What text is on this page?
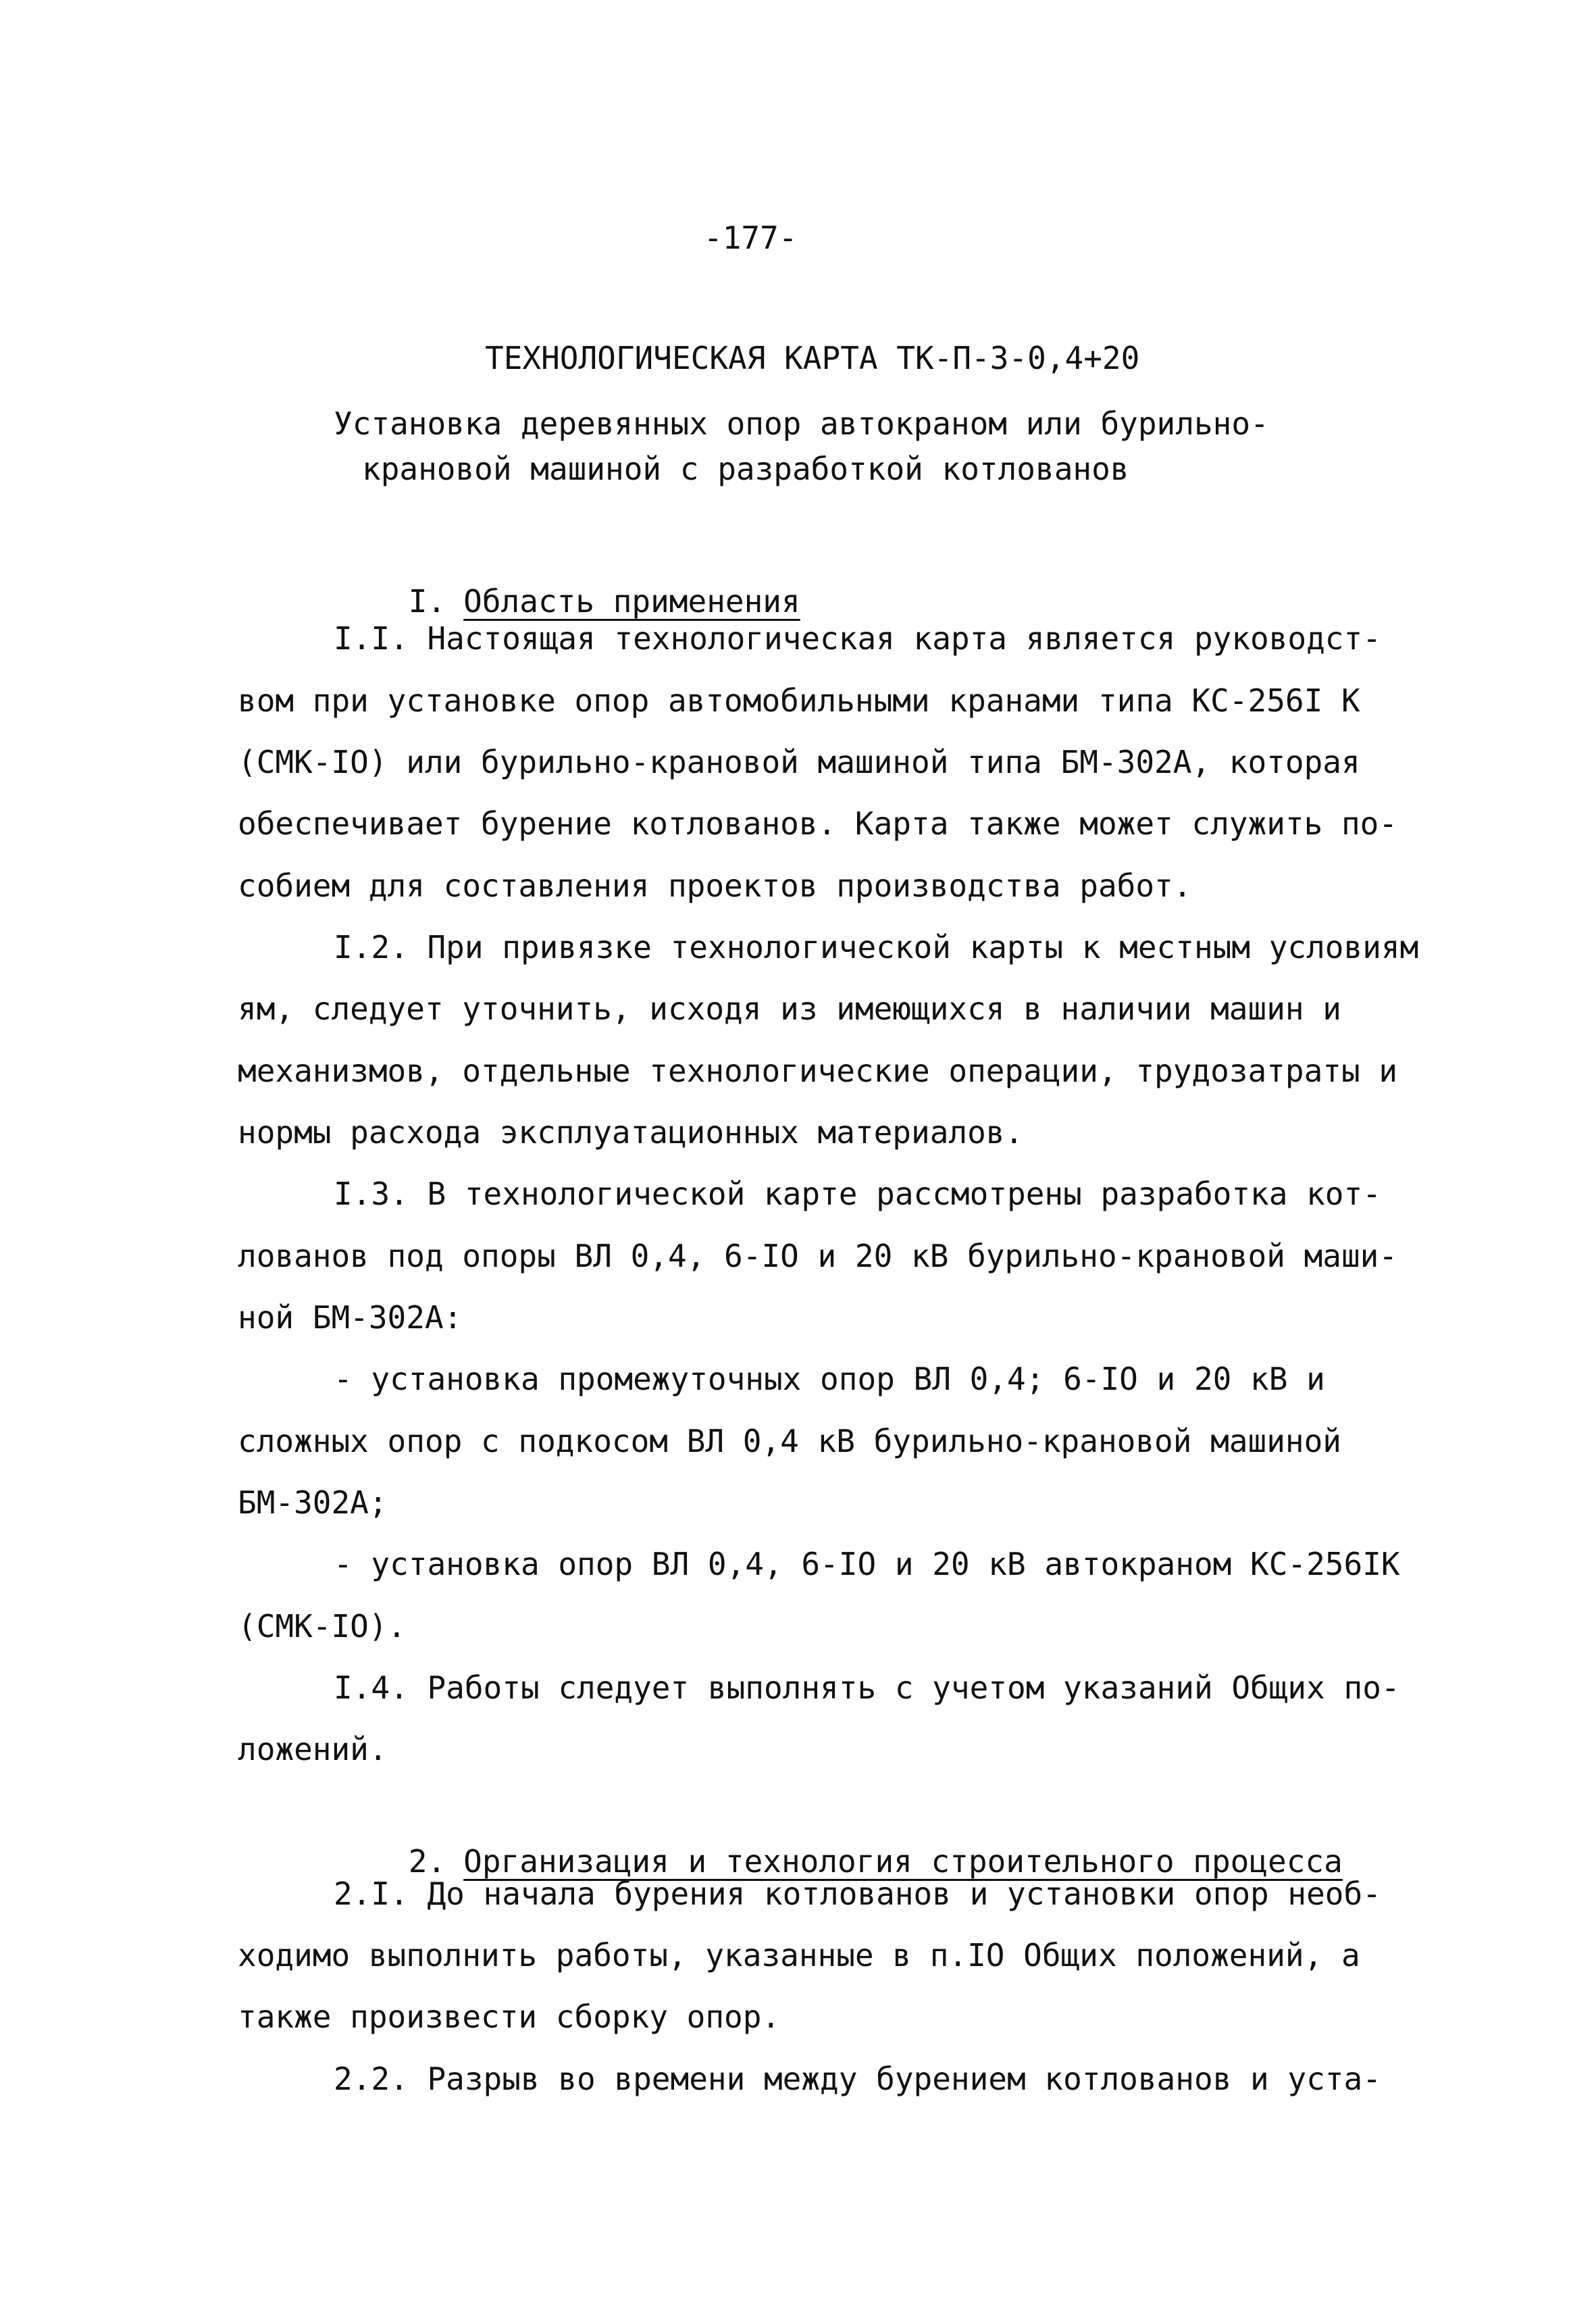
-177-
ТЕХНОЛОГИЧЕСКАЯ КАРТА ТК-П-3-0,4+20
Установка деревянных опор автокраном или бурильно-
крановой машиной с разработкой котлованов

I. Область применения

I.I. Настоящая технологическая карта является руководст-
вом при установке опор автомобильными кранами типа КС-256I К
(СМК-IO) или бурильно-крановой машиной типа БМ-302А, которая
обеспечивает бурение котлованов. Карта также может служить по-
собием для составления проектов производства работ.
I.2. При привязке технологической карты к местным условиям
ям, следует уточнить, исходя из имеющихся в наличии машин и
механизмов, отдельные технологические операции, трудозатраты и
нормы расхода эксплуатационных материалов.
I.3. В технологической карте рассмотрены разработка кот-
лованов под опоры ВЛ 0,4, 6-IO и 20 кВ бурильно-крановой маши-
ной БМ-302А:
- установка промежуточных опор ВЛ 0,4; 6-IO и 20 кВ и
сложных опор с подкосом ВЛ 0,4 кВ бурильно-крановой машиной
БМ-302А;
- установка опор ВЛ 0,4, 6-IO и 20 кВ автокраном КС-256IK
(СМК-IO).
I.4. Работы следует выполнять с учетом указаний Общих по-
ложений.

2. Организация и технология строительного процесса

2.I. До начала бурения котлованов и установки опор необ-
ходимо выполнить работы, указанные в п.IO Общих положений, а
также произвести сборку опор.
2.2. Разрыв во времени между бурением котлованов и уста-
